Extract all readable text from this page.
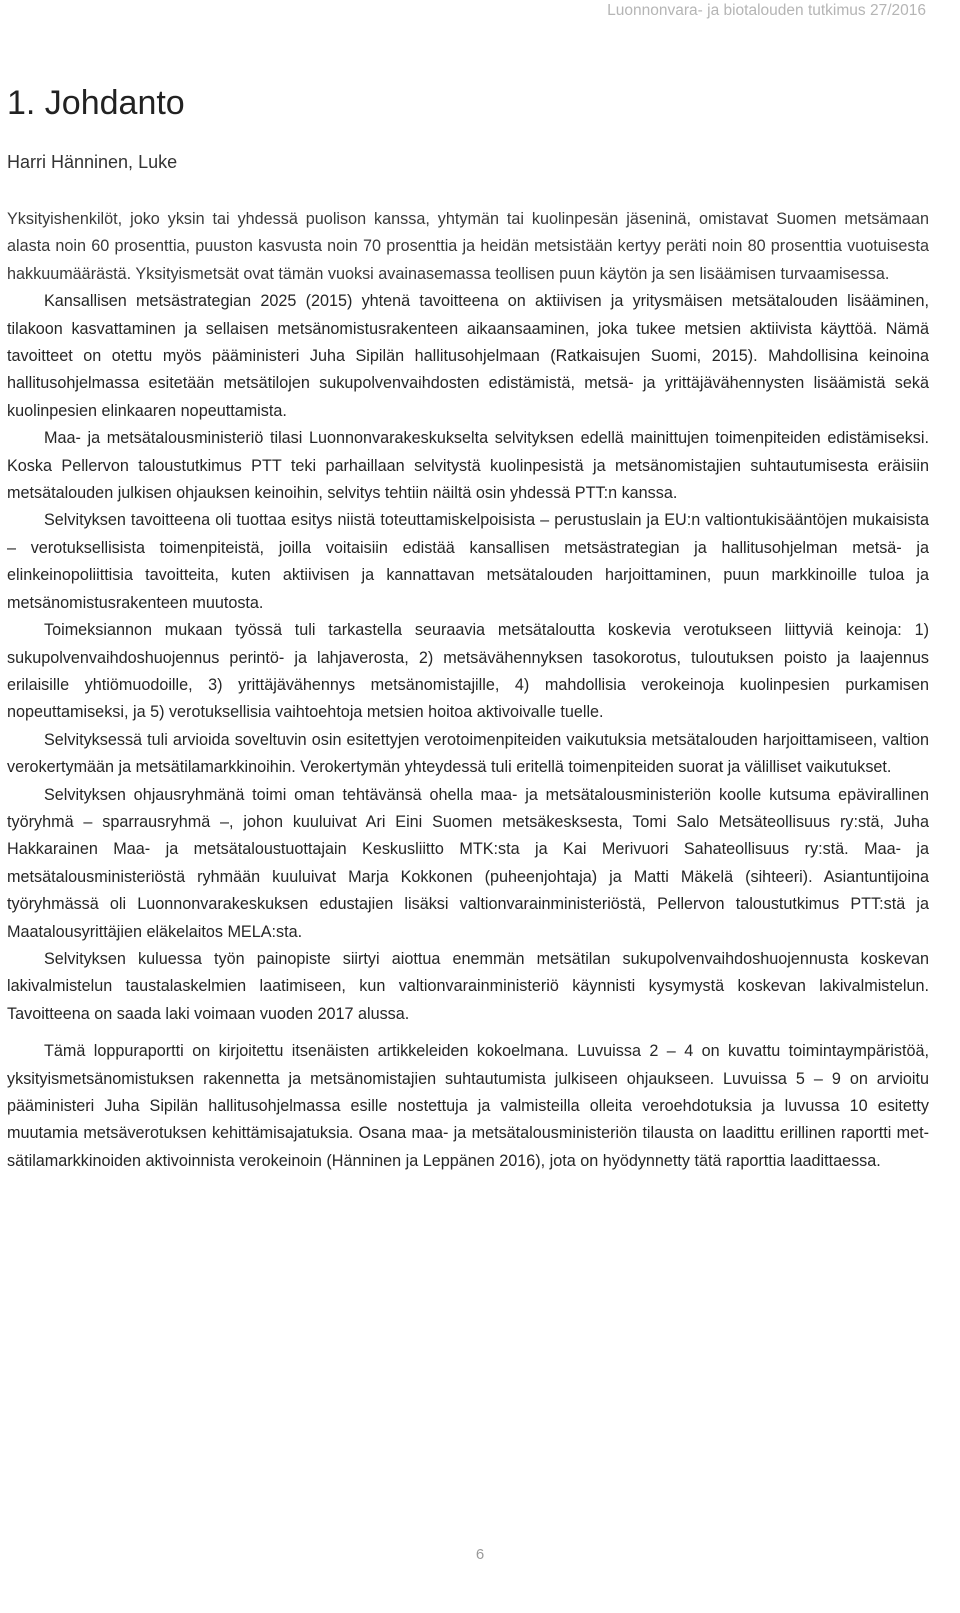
Luonnonvara- ja biotalouden tutkimus 27/2016
1. Johdanto
Harri Hänninen, Luke

Yksityishenkilöt, joko yksin tai yhdessä puolison kanssa, yhtymän tai kuolinpesän jäseninä, omistavat Suomen metsämaan alasta noin 60 prosenttia, puuston kasvusta noin 70 prosenttia ja heidän metsistään kertyy peräti noin 80 prosenttia vuotuisesta hakkuumäärästä. Yksityismetsät ovat tämän vuoksi avainasemassa teollisen puun käytön ja sen lisäämisen turvaamisessa.

Kansallisen metsästrategian 2025 (2015) yhtenä tavoitteena on aktiivisen ja yritysmäisen metsätalouden lisääminen, tilakoon kasvattaminen ja sellaisen metsänomistusrakenteen aikaansaaminen, joka tukee metsien aktiivista käyttöä. Nämä tavoitteet on otettu myös pääministeri Juha Sipilän hallitusohjelmaan (Ratkaisujen Suomi, 2015). Mahdollisina keinoina hallitusohjelmassa esitetään metsätilojen sukupolvenvaihdosten edistämistä, metsä- ja yrittäjävähennysten lisäämistä sekä kuolinpesien elinkaaren nopeuttamista.

Maa- ja metsätalousministeriö tilasi Luonnonvarakeskukselta selvityksen edellä mainittujen toimenpiteiden edistämiseksi. Koska Pellervon taloustutkimus PTT teki parhaillaan selvitystä kuolinpesistä ja metsänomistajien suhtautumisesta eräisiin metsätalouden julkisen ohjauksen keinoihin, selvitys tehtiin näiltä osin yhdessä PTT:n kanssa.

Selvityksen tavoitteena oli tuottaa esitys niistä toteuttamiskelpoisista – perustuslain ja EU:n valtiontukisääntöjen mukaisista – verotuksellisista toimenpiteistä, joilla voitaisiin edistää kansallisen metsästrategian ja hallitusohjelman metsä- ja elinkeinopoliittisia tavoitteita, kuten aktiivisen ja kannattavan metsätalouden harjoittaminen, puun markkinoille tuloa ja metsänomistusrakenteen muutosta.

Toimeksiannon mukaan työssä tuli tarkastella seuraavia metsätaloutta koskevia verotukseen liittyviä keinoja: 1) sukupolvenvaihdoshuojennus perintö- ja lahjaverosta, 2) metsävähennyksen tasokorotus, tuloutuksen poisto ja laajennus erilaisille yhtiömuodoille, 3) yrittäjävähennys metsänomistajille, 4) mahdollisia verokeinoja kuolinpesien purkamisen nopeuttamiseksi, ja 5) verotuksellisia vaihtoehtoja metsien hoitoa aktivoivalle tuelle.

Selvityksessä tuli arvioida soveltuvin osin esitettyjen verotoimenpiteiden vaikutuksia metsätalouden harjoittamiseen, valtion verokertymään ja metsätilamarkkinoihin. Verokertymän yhteydessä tuli eritellä toimenpiteiden suorat ja välilliset vaikutukset.

Selvityksen ohjausryhmänä toimi oman tehtävänsä ohella maa- ja metsätalousministeriön koolle kutsuma epävirallinen työryhmä – sparrausryhmä –, johon kuuluivat Ari Eini Suomen metsäkesksesta, Tomi Salo Metsäteollisuus ry:stä, Juha Hakkarainen Maa- ja metsätaloustuottajain Keskusliitto MTK:sta ja Kai Merivuori Sahateollisuus ry:stä. Maa- ja metsätalousministeriöstä ryhmään kuuluivat Marja Kokkonen (puheenjohtaja) ja Matti Mäkelä (sihteeri). Asiantuntijoina työryhmässä oli Luonnonvarakeskuksen edustajien lisäksi valtionvarainministeriöstä, Pellervon taloustutkimus PTT:stä ja Maatalousyrittäjien eläkelaitos MELA:sta.

Selvityksen kuluessa työn painopiste siirtyi aiottua enemmän metsätilan sukupolvenvaihdoshuojennusta koskevan lakivalmistelun taustalaskelmien laatimiseen, kun valtionvarainministeriö käynnisti kysymystä koskevan lakivalmistelun. Tavoitteena on saada laki voimaan vuoden 2017 alussa.

Tämä loppuraportti on kirjoitettu itsenäisten artikkeleiden kokoelmana. Luvuissa 2 – 4 on kuvattu toimintaympäristöä, yksityismetsänomistuksen rakennetta ja metsänomistajien suhtautumista julkiseen ohjaukseen. Luvuissa 5 – 9 on arvioitu pääministeri Juha Sipilän hallitusohjelmassa esille nostettuja ja valmisteilla olleita veroehdotuksia ja luvussa 10 esitetty muutamia metsäverotuksen kehittämisajatuksia. Osana maa- ja metsätalousministeriön tilausta on laadittu erillinen raportti metsätilamarkkinoiden aktivoinnista verokeinoin (Hänninen ja Leppänen 2016), jota on hyödynnetty tätä raporttia laadittaessa.

6
